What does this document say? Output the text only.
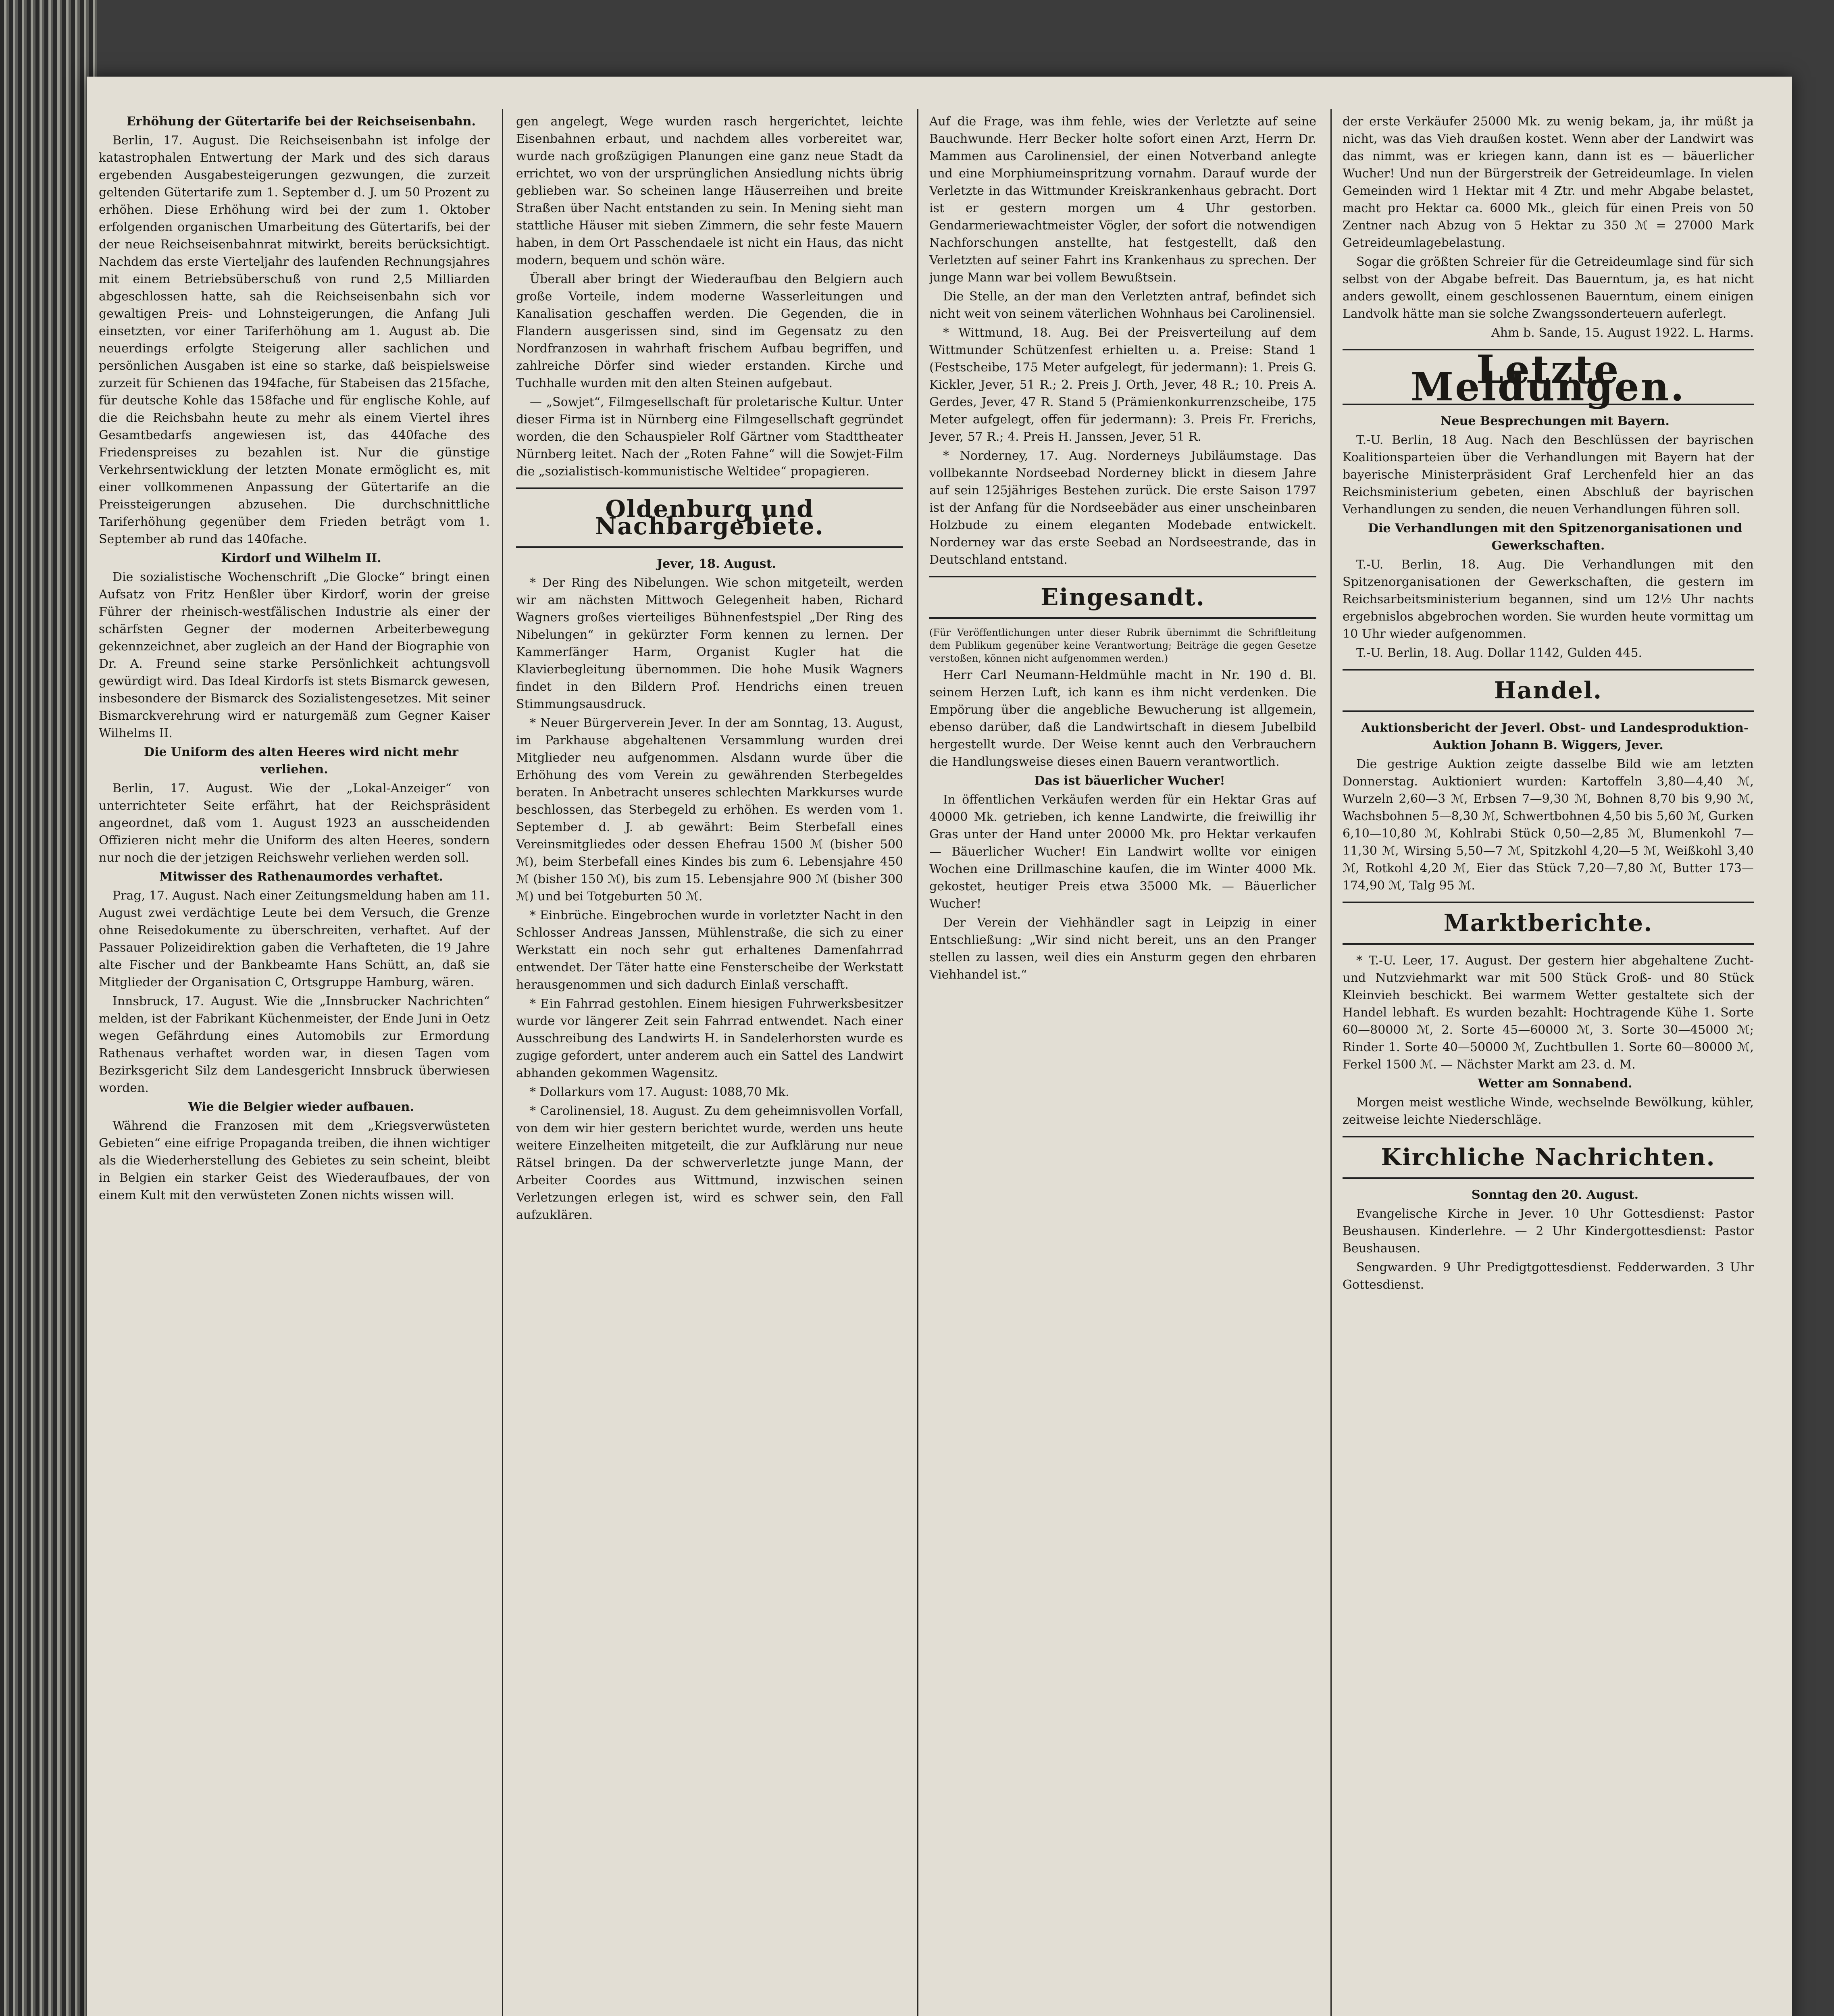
Erhöhung der Gütertarife bei der Reichseisenbahn.

Berlin, 17. August. Die Reichseisenbahn ist infolge der katastrophalen Entwertung der Mark und des sich daraus ergebenden Ausgabesteigerungen gezwungen, die zurzeit geltenden Gütertarife zum 1. September d. J. um 50 Prozent zu erhöhen. Diese Erhöhung wird bei der zum 1. Oktober erfolgenden organischen Umarbeitung des Gütertarifs, bei der der neue Reichseisenbahnrat mitwirkt, bereits berücksichtigt. Nachdem das erste Vierteljahr des laufenden Rechnungsjahres mit einem Betriebsüberschuß von rund 2,5 Milliarden abgeschlossen hatte, sah die Reichseisenbahn sich vor gewaltigen Preis- und Lohnsteigerungen, die Anfang Juli einsetzten, vor einer Tariferhöhung am 1. August ab. Die neuerdings erfolgte Steigerung aller sachlichen und persönlichen Ausgaben ist eine so starke, daß beispielsweise zurzeit für Schienen das 194fache, für Stabeisen das 215fache, für deutsche Kohle das 158fache und für englische Kohle, auf die die Reichsbahn heute zu mehr als einem Viertel ihres Gesamtbedarfs angewiesen ist, das 440fache des Friedenspreises zu bezahlen ist. Nur die günstige Verkehrsentwicklung der letzten Monate ermöglicht es, mit einer vollkommenen Anpassung der Gütertarife an die Preissteigerungen abzusehen. Die durchschnittliche Tariferhöhung gegenüber dem Frieden beträgt vom 1. September ab rund das 140fache.

Kirdorf und Wilhelm II.

Die sozialistische Wochenschrift „Die Glocke“ bringt einen Aufsatz von Fritz Henßler über Kirdorf, worin der greise Führer der rheinisch-westfälischen Industrie als einer der schärfsten Gegner der modernen Arbeiterbewegung gekennzeichnet, aber zugleich an der Hand der Biographie von Dr. A. Freund seine starke Persönlichkeit achtungsvoll gewürdigt wird. Das Ideal Kirdorfs ist stets Bismarck gewesen, insbesondere der Bismarck des Sozialistengesetzes. Mit seiner Bismarckverehrung wird er naturgemäß zum Gegner Kaiser Wilhelms II.

Die Uniform des alten Heeres wird nicht mehr verliehen.

Berlin, 17. August. Wie der „Lokal-Anzeiger“ von unterrichteter Seite erfährt, hat der Reichspräsident angeordnet, daß vom 1. August 1923 an ausscheidenden Offizieren nicht mehr die Uniform des alten Heeres, sondern nur noch die der jetzigen Reichswehr verliehen werden soll.

Mitwisser des Rathenaumordes verhaftet.

Prag, 17. August. Nach einer Zeitungsmeldung haben am 11. August zwei verdächtige Leute bei dem Versuch, die Grenze ohne Reisedokumente zu überschreiten, verhaftet. Auf der Passauer Polizeidirektion gaben die Verhafteten, die 19 Jahre alte Fischer und der Bankbeamte Hans Schütt, an, daß sie Mitglieder der Organisation C, Ortsgruppe Hamburg, wären.

Innsbruck, 17. August. Wie die „Innsbrucker Nachrichten“ melden, ist der Fabrikant Küchenmeister, der Ende Juni in Oetz wegen Gefährdung eines Automobils zur Ermordung Rathenaus verhaftet worden war, in diesen Tagen vom Bezirksgericht Silz dem Landesgericht Innsbruck überwiesen worden.

Wie die Belgier wieder aufbauen.

Während die Franzosen mit dem „Kriegsverwüsteten Gebieten“ eine eifrige Propaganda treiben, die ihnen wichtiger als die Wiederherstellung des Gebietes zu sein scheint, bleibt in Belgien ein starker Geist des Wiederaufbaues, der von einem Kult mit den verwüsteten Zonen nichts wissen will.

gen angelegt, Wege wurden rasch hergerichtet, leichte Eisenbahnen erbaut, und nachdem alles vorbereitet war, wurde nach großzügigen Planungen eine ganz neue Stadt da errichtet, wo von der ursprünglichen Ansiedlung nichts übrig geblieben war. So scheinen lange Häuserreihen und breite Straßen über Nacht entstanden zu sein. In Mening sieht man stattliche Häuser mit sieben Zimmern, die sehr feste Mauern haben, in dem Ort Passchendaele ist nicht ein Haus, das nicht modern, bequem und schön wäre.

Überall aber bringt der Wiederaufbau den Belgiern auch große Vorteile, indem moderne Wasserleitungen und Kanalisation geschaffen werden. Die Gegenden, die in Flandern ausgerissen sind, sind im Gegensatz zu den Nordfranzosen in wahrhaft frischem Aufbau begriffen, und zahlreiche Dörfer sind wieder erstanden. Kirche und Tuchhalle wurden mit den alten Steinen aufgebaut.

— „Sowjet“, Filmgesellschaft für proletarische Kultur. Unter dieser Firma ist in Nürnberg eine Filmgesellschaft gegründet worden, die den Schauspieler Rolf Gärtner vom Stadttheater Nürnberg leitet. Nach der „Roten Fahne“ will die Sowjet-Film die „sozialistisch-kommunistische Weltidee“ propagieren.

Oldenburg und Nachbargebiete.

Jever, 18. August.

* Der Ring des Nibelungen. Wie schon mitgeteilt, werden wir am nächsten Mittwoch Gelegenheit haben, Richard Wagners großes vierteiliges Bühnenfestspiel „Der Ring des Nibelungen“ in gekürzter Form kennen zu lernen. Der Kammerfänger Harm, Organist Kugler hat die Klavierbegleitung übernommen. Die hohe Musik Wagners findet in den Bildern Prof. Hendrichs einen treuen Stimmungsausdruck.

* Neuer Bürgerverein Jever. In der am Sonntag, 13. August, im Parkhause abgehaltenen Versammlung wurden drei Mitglieder neu aufgenommen. Alsdann wurde über die Erhöhung des vom Verein zu gewährenden Sterbegeldes beraten. In Anbetracht unseres schlechten Markkurses wurde beschlossen, das Sterbegeld zu erhöhen. Es werden vom 1. September d. J. ab gewährt: Beim Sterbefall eines Vereinsmitgliedes oder dessen Ehefrau 1500 ℳ (bisher 500 ℳ), beim Sterbefall eines Kindes bis zum 6. Lebensjahre 450 ℳ (bisher 150 ℳ), bis zum 15. Lebensjahre 900 ℳ (bisher 300 ℳ) und bei Totgeburten 50 ℳ.

* Einbrüche. Eingebrochen wurde in vorletzter Nacht in den Schlosser Andreas Janssen, Mühlenstraße, die sich zu einer Werkstatt ein noch sehr gut erhaltenes Damenfahrrad entwendet. Der Täter hatte eine Fensterscheibe der Werkstatt herausgenommen und sich dadurch Einlaß verschafft.

* Ein Fahrrad gestohlen. Einem hiesigen Fuhrwerksbesitzer wurde vor längerer Zeit sein Fahrrad entwendet. Nach einer Ausschreibung des Landwirts H. in Sandelerhorsten wurde es zugige gefordert, unter anderem auch ein Sattel des Landwirt abhanden gekommen Wagensitz.

* Dollarkurs vom 17. August: 1088,70 Mk.

* Carolinensiel, 18. August. Zu dem geheimnisvollen Vorfall, von dem wir hier gestern berichtet wurde, werden uns heute weitere Einzelheiten mitgeteilt, die zur Aufklärung nur neue Rätsel bringen. Da der schwerverletzte junge Mann, der Arbeiter Coordes aus Wittmund, inzwischen seinen Verletzungen erlegen ist, wird es schwer sein, den Fall aufzuklären.

Auf die Frage, was ihm fehle, wies der Verletzte auf seine Bauchwunde. Herr Becker holte sofort einen Arzt, Herrn Dr. Mammen aus Carolinensiel, der einen Notverband anlegte und eine Morphiumeinspritzung vornahm. Darauf wurde der Verletzte in das Wittmunder Kreiskrankenhaus gebracht. Dort ist er gestern morgen um 4 Uhr gestorben. Gendarmeriewachtmeister Vögler, der sofort die notwendigen Nachforschungen anstellte, hat festgestellt, daß den Verletzten auf seiner Fahrt ins Krankenhaus zu sprechen. Der junge Mann war bei vollem Bewußtsein.

Die Stelle, an der man den Verletzten antraf, befindet sich nicht weit von seinem väterlichen Wohnhaus bei Carolinensiel.

* Wittmund, 18. Aug. Bei der Preisverteilung auf dem Wittmunder Schützenfest erhielten u. a. Preise: Stand 1 (Festscheibe, 175 Meter aufgelegt, für jedermann): 1. Preis G. Kickler, Jever, 51 R.; 2. Preis J. Orth, Jever, 48 R.; 10. Preis A. Gerdes, Jever, 47 R. Stand 5 (Prämienkonkurrenzscheibe, 175 Meter aufgelegt, offen für jedermann): 3. Preis Fr. Frerichs, Jever, 57 R.; 4. Preis H. Janssen, Jever, 51 R.

* Norderney, 17. Aug. Norderneys Jubiläumstage. Das vollbekannte Nordseebad Norderney blickt in diesem Jahre auf sein 125jähriges Bestehen zurück. Die erste Saison 1797 ist der Anfang für die Nordseebäder aus einer unscheinbaren Holzbude zu einem eleganten Modebade entwickelt. Norderney war das erste Seebad an Nordseestrande, das in Deutschland entstand.

Eingesandt.

(Für Veröffentlichungen unter dieser Rubrik übernimmt die Schriftleitung dem Publikum gegenüber keine Verantwortung; Beiträge die gegen Gesetze verstoßen, können nicht aufgenommen werden.)

Herr Carl Neumann-Heldmühle macht in Nr. 190 d. Bl. seinem Herzen Luft, ich kann es ihm nicht verdenken. Die Empörung über die angebliche Bewucherung ist allgemein, ebenso darüber, daß die Landwirtschaft in diesem Jubelbild hergestellt wurde. Der Weise kennt auch den Verbrauchern die Handlungsweise dieses einen Bauern verantwortlich.

Das ist bäuerlicher Wucher!

In öffentlichen Verkäufen werden für ein Hektar Gras auf 40000 Mk. getrieben, ich kenne Landwirte, die freiwillig ihr Gras unter der Hand unter 20000 Mk. pro Hektar verkaufen — Bäuerlicher Wucher! Ein Landwirt wollte vor einigen Wochen eine Drillmaschine kaufen, die im Winter 4000 Mk. gekostet, heutiger Preis etwa 35000 Mk. — Bäuerlicher Wucher!

Der Verein der Viehhändler sagt in Leipzig in einer Entschließung: „Wir sind nicht bereit, uns an den Pranger stellen zu lassen, weil dies ein Ansturm gegen den ehrbaren Viehhandel ist.“

der erste Verkäufer 25000 Mk. zu wenig bekam, ja, ihr müßt ja nicht, was das Vieh draußen kostet. Wenn aber der Landwirt was das nimmt, was er kriegen kann, dann ist es — bäuerlicher Wucher! Und nun der Bürgerstreik der Getreideumlage. In vielen Gemeinden wird 1 Hektar mit 4 Ztr. und mehr Abgabe belastet, macht pro Hektar ca. 6000 Mk., gleich für einen Preis von 50 Zentner nach Abzug von 5 Hektar zu 350 ℳ = 27000 Mark Getreideumlagebelastung.

Sogar die größten Schreier für die Getreideumlage sind für sich selbst von der Abgabe befreit. Das Bauerntum, ja, es hat nicht anders gewollt, einem geschlossenen Bauerntum, einem einigen Landvolk hätte man sie solche Zwangssonderteuern auferlegt.

Ahm b. Sande, 15. August 1922. L. Harms.

Letzte Meldungen.

Neue Besprechungen mit Bayern.

T.-U. Berlin, 18 Aug. Nach den Beschlüssen der bayrischen Koalitionsparteien über die Verhandlungen mit Bayern hat der bayerische Ministerpräsident Graf Lerchenfeld hier an das Reichsministerium gebeten, einen Abschluß der bayrischen Verhandlungen zu senden, die neuen Verhandlungen führen soll.

Die Verhandlungen mit den Spitzenorganisationen und Gewerkschaften.

T.-U. Berlin, 18. Aug. Die Verhandlungen mit den Spitzenorganisationen der Gewerkschaften, die gestern im Reichsarbeitsministerium begannen, sind um 12½ Uhr nachts ergebnislos abgebrochen worden. Sie wurden heute vormittag um 10 Uhr wieder aufgenommen.

T.-U. Berlin, 18. Aug. Dollar 1142, Gulden 445.

Handel.

Auktionsbericht der Jeverl. Obst- und Landesproduktion-Auktion Johann B. Wiggers, Jever.

Die gestrige Auktion zeigte dasselbe Bild wie am letzten Donnerstag. Auktioniert wurden: Kartoffeln 3,80—4,40 ℳ, Wurzeln 2,60—3 ℳ, Erbsen 7—9,30 ℳ, Bohnen 8,70 bis 9,90 ℳ, Wachsbohnen 5—8,30 ℳ, Schwertbohnen 4,50 bis 5,60 ℳ, Gurken 6,10—10,80 ℳ, Kohlrabi Stück 0,50—2,85 ℳ, Blumenkohl 7—11,30 ℳ, Wirsing 5,50—7 ℳ, Spitzkohl 4,20—5 ℳ, Weißkohl 3,40 ℳ, Rotkohl 4,20 ℳ, Eier das Stück 7,20—7,80 ℳ, Butter 173—174,90 ℳ, Talg 95 ℳ.

Marktberichte.

* T.-U. Leer, 17. August. Der gestern hier abgehaltene Zucht- und Nutzviehmarkt war mit 500 Stück Groß- und 80 Stück Kleinvieh beschickt. Bei warmem Wetter gestaltete sich der Handel lebhaft. Es wurden bezahlt: Hochtragende Kühe 1. Sorte 60—80000 ℳ, 2. Sorte 45—60000 ℳ, 3. Sorte 30—45000 ℳ; Rinder 1. Sorte 40—50000 ℳ, Zuchtbullen 1. Sorte 60—80000 ℳ, Ferkel 1500 ℳ. — Nächster Markt am 23. d. M.

Wetter am Sonnabend.

Morgen meist westliche Winde, wechselnde Bewölkung, kühler, zeitweise leichte Niederschläge.

Kirchliche Nachrichten.

Sonntag den 20. August.

Evangelische Kirche in Jever. 10 Uhr Gottesdienst: Pastor Beushausen. Kinderlehre. — 2 Uhr Kindergottesdienst: Pastor Beushausen.

Sengwarden. 9 Uhr Predigtgottesdienst. Fedderwarden. 3 Uhr Gottesdienst.
